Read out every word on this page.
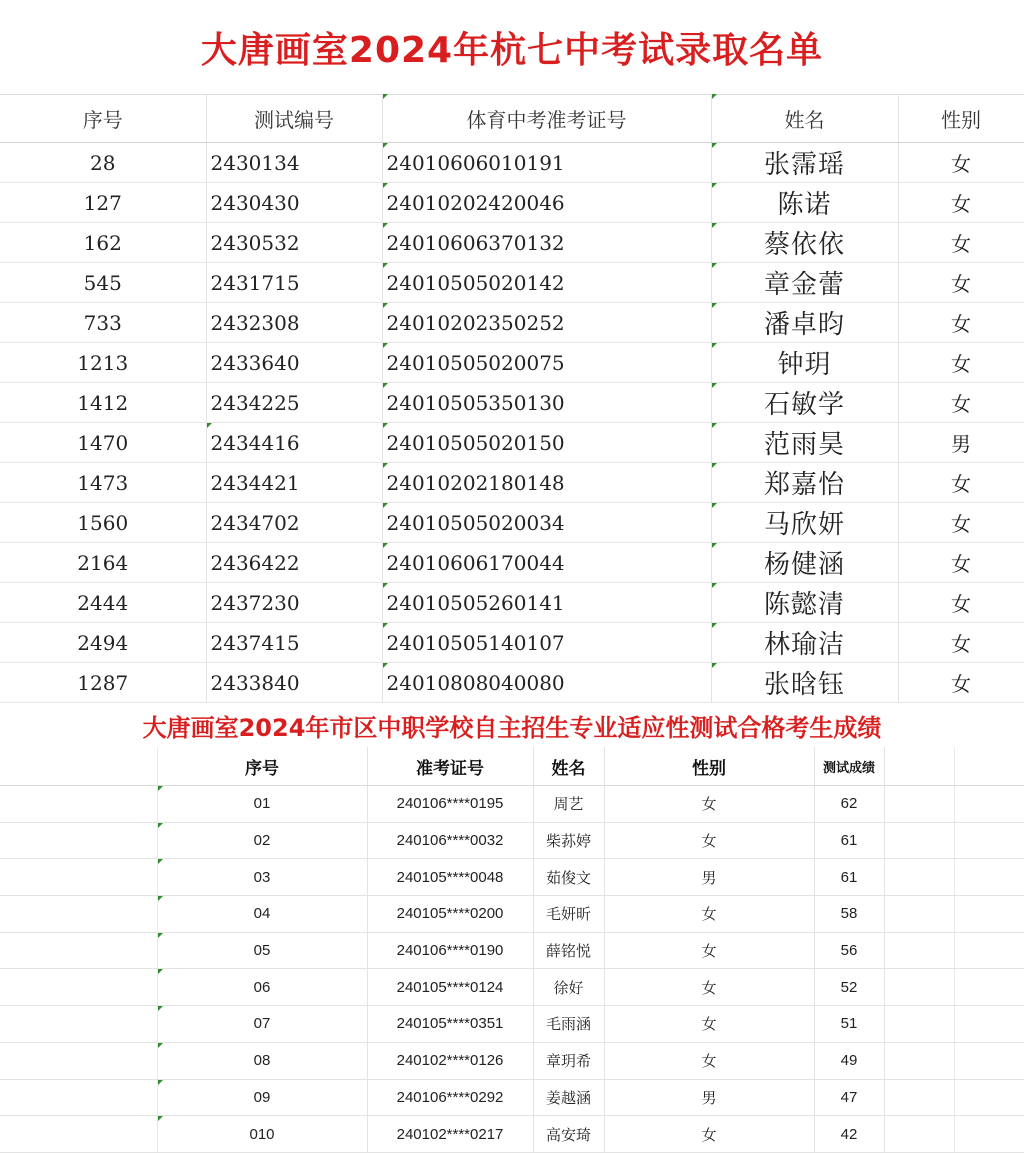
大唐画室2024年杭七中考试录取名单
序号	测试编号	体育中考准考证号	姓名	性别
28	2430134	24010606010191	张霈瑶	女
127	2430430	24010202420046	陈诺	女
162	2430532	24010606370132	蔡依依	女
545	2431715	24010505020142	章金蕾	女
733	2432308	24010202350252	潘卓昀	女
1213	2433640	24010505020075	钟玥	女
1412	2434225	24010505350130	石敏学	女
1470	2434416	24010505020150	范雨昊	男
1473	2434421	24010202180148	郑嘉怡	女
1560	2434702	24010505020034	马欣妍	女
2164	2436422	24010606170044	杨健涵	女
2444	2437230	24010505260141	陈懿清	女
2494	2437415	24010505140107	林瑜洁	女
1287	2433840	24010808040080	张晗钰	女
大唐画室2024年市区中职学校自主招生专业适应性测试合格考生成绩
	序号	准考证号	姓名	性别	测试成绩		
	01	240106****0195	周艺	女	62		
	02	240106****0032	柴荪婷	女	61		
	03	240105****0048	茹俊文	男	61		
	04	240105****0200	毛妍昕	女	58		
	05	240106****0190	薛铭悦	女	56		
	06	240105****0124	徐好	女	52		
	07	240105****0351	毛雨涵	女	51		
	08	240102****0126	章玥希	女	49		
	09	240106****0292	姜越涵	男	47		
	010	240102****0217	高安琦	女	42		
